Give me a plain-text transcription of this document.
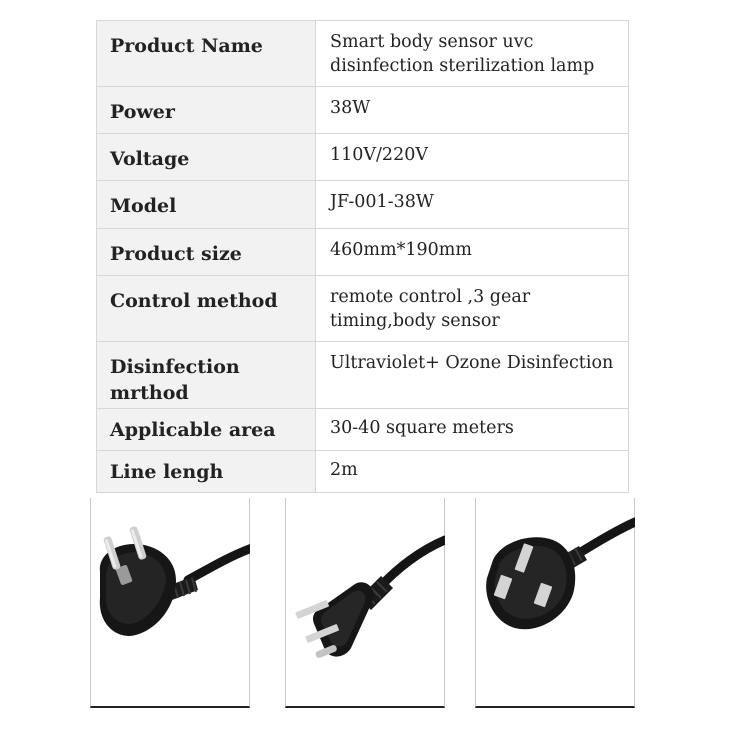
Product Name	Smart body sensor uvc disinfection sterilization lamp
Power	38W
Voltage	110V/220V
Model	JF-001-38W
Product size	460mm*190mm
Control method	remote control ,3 gear timing,body sensor
Disinfection mrthod	Ultraviolet+ Ozone Disinfection
Applicable area	30-40 square meters
Line lengh	2m
